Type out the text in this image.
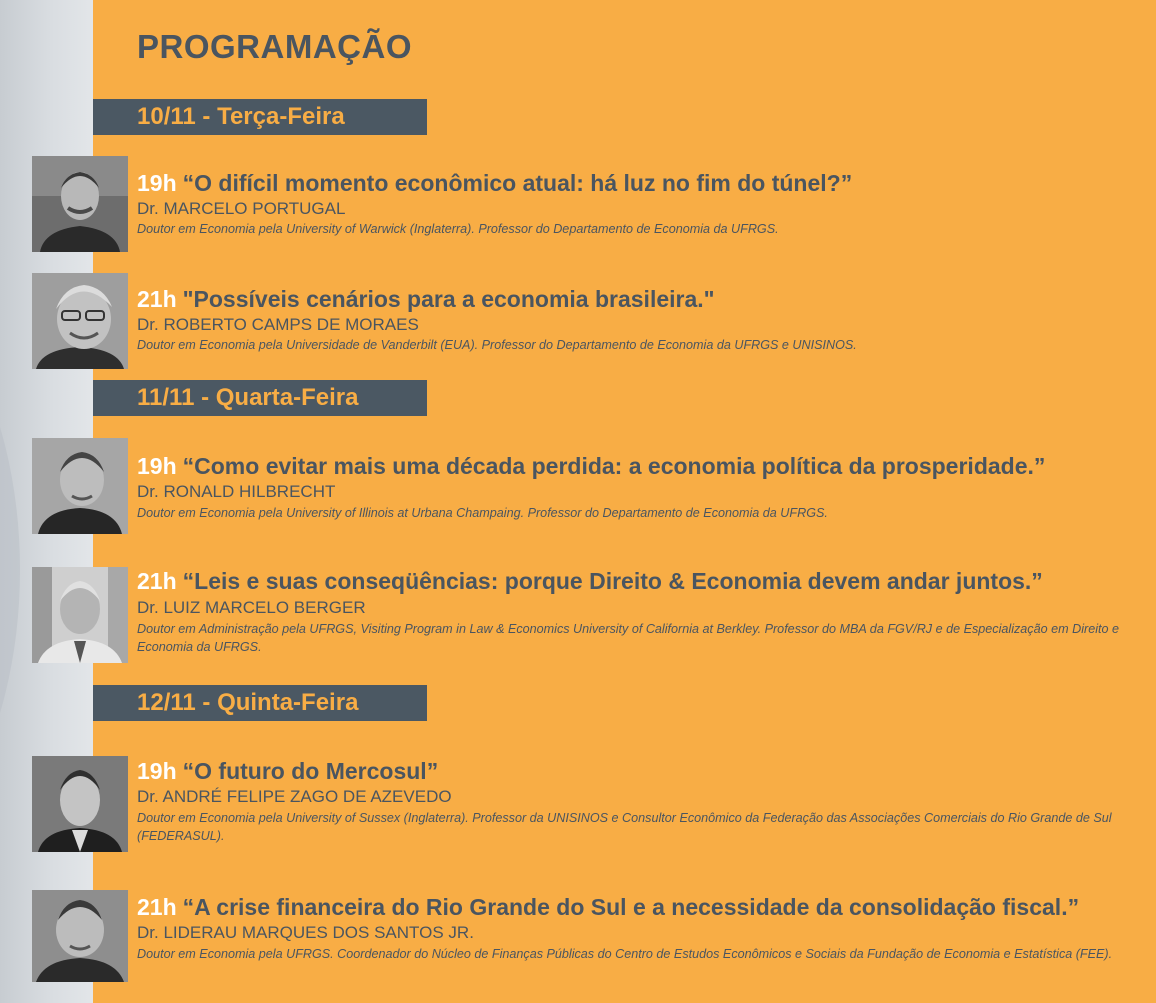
PROGRAMAÇÃO
10/11 - Terça-Feira

19h “O difícil momento econômico atual: há luz no fim do túnel?”

Dr. MARCELO PORTUGAL

Doutor em Economia pela University of Warwick (Inglaterra). Professor do Departamento de Economia da UFRGS.

21h "Possíveis cenários para a economia brasileira."

Dr. ROBERTO CAMPS DE MORAES

Doutor em Economia pela Universidade de Vanderbilt (EUA). Professor do Departamento de Economia da UFRGS e UNISINOS.

11/11 - Quarta-Feira

19h “Como evitar mais uma década perdida: a economia política da prosperidade.”

Dr. RONALD HILBRECHT

Doutor em Economia pela University of Illinois at Urbana Champaing. Professor do Departamento de Economia da UFRGS.

21h “Leis e suas conseqüências: porque Direito & Economia devem andar juntos.”

Dr. LUIZ MARCELO BERGER

Doutor em Administração pela UFRGS, Visiting Program in Law & Economics University of California at Berkley. Professor do MBA da FGV/RJ e de Especialização em Direito e Economia da UFRGS.

12/11 - Quinta-Feira

19h “O futuro do Mercosul”

Dr. ANDRÉ FELIPE ZAGO DE AZEVEDO

Doutor em Economia pela University of Sussex (Inglaterra). Professor da UNISINOS e Consultor Econômico da Federação das Associações Comerciais do Rio Grande de Sul (FEDERASUL).

21h “A crise financeira do Rio Grande do Sul e a necessidade da consolidação fiscal.”

Dr. LIDERAU MARQUES DOS SANTOS JR.

Doutor em Economia pela UFRGS. Coordenador do Núcleo de Finanças Públicas do Centro de Estudos Econômicos e Sociais da Fundação de Economia e Estatística (FEE).
